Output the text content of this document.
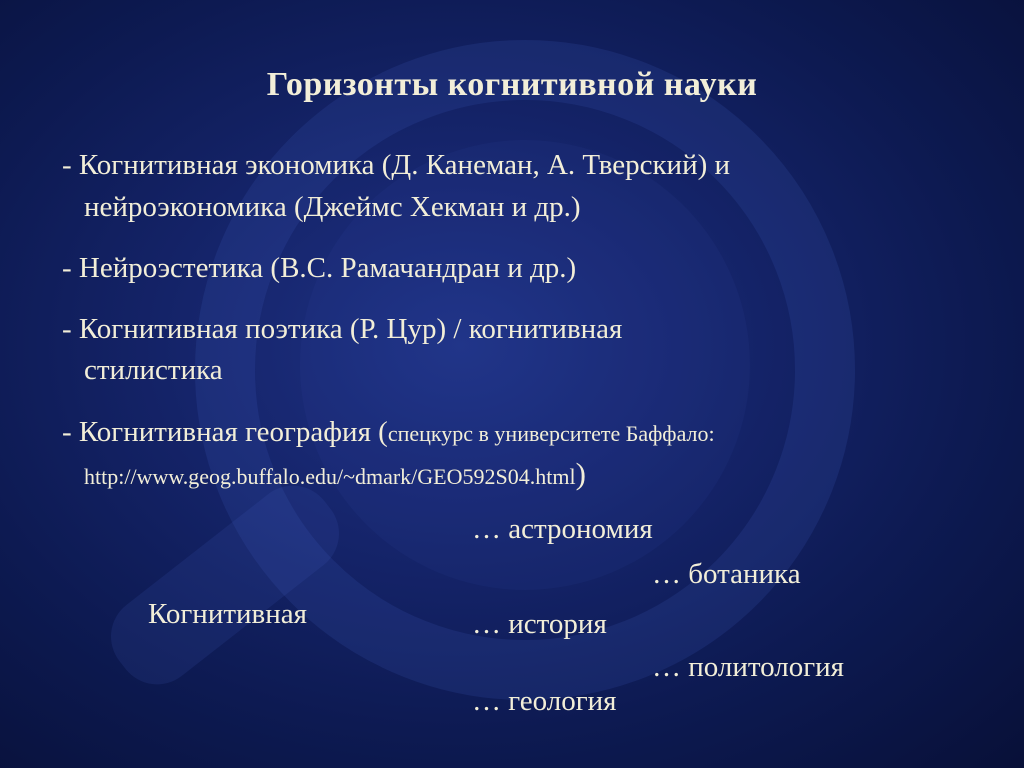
Горизонты когнитивной науки
- Когнитивная экономика (Д. Канеман, А. Тверский) и
нейроэкономика (Джеймс Хекман и др.)
- Нейроэстетика (В.С. Рамачандран и др.)
- Когнитивная поэтика (Р. Цур) / когнитивная
стилистика
- Когнитивная география (спецкурс в университете Баффало:
http://www.geog.buffalo.edu/~dmark/GEO592S04.html)
Когнитивная
… астрономия
… ботаника
… история
… политология
… геология
